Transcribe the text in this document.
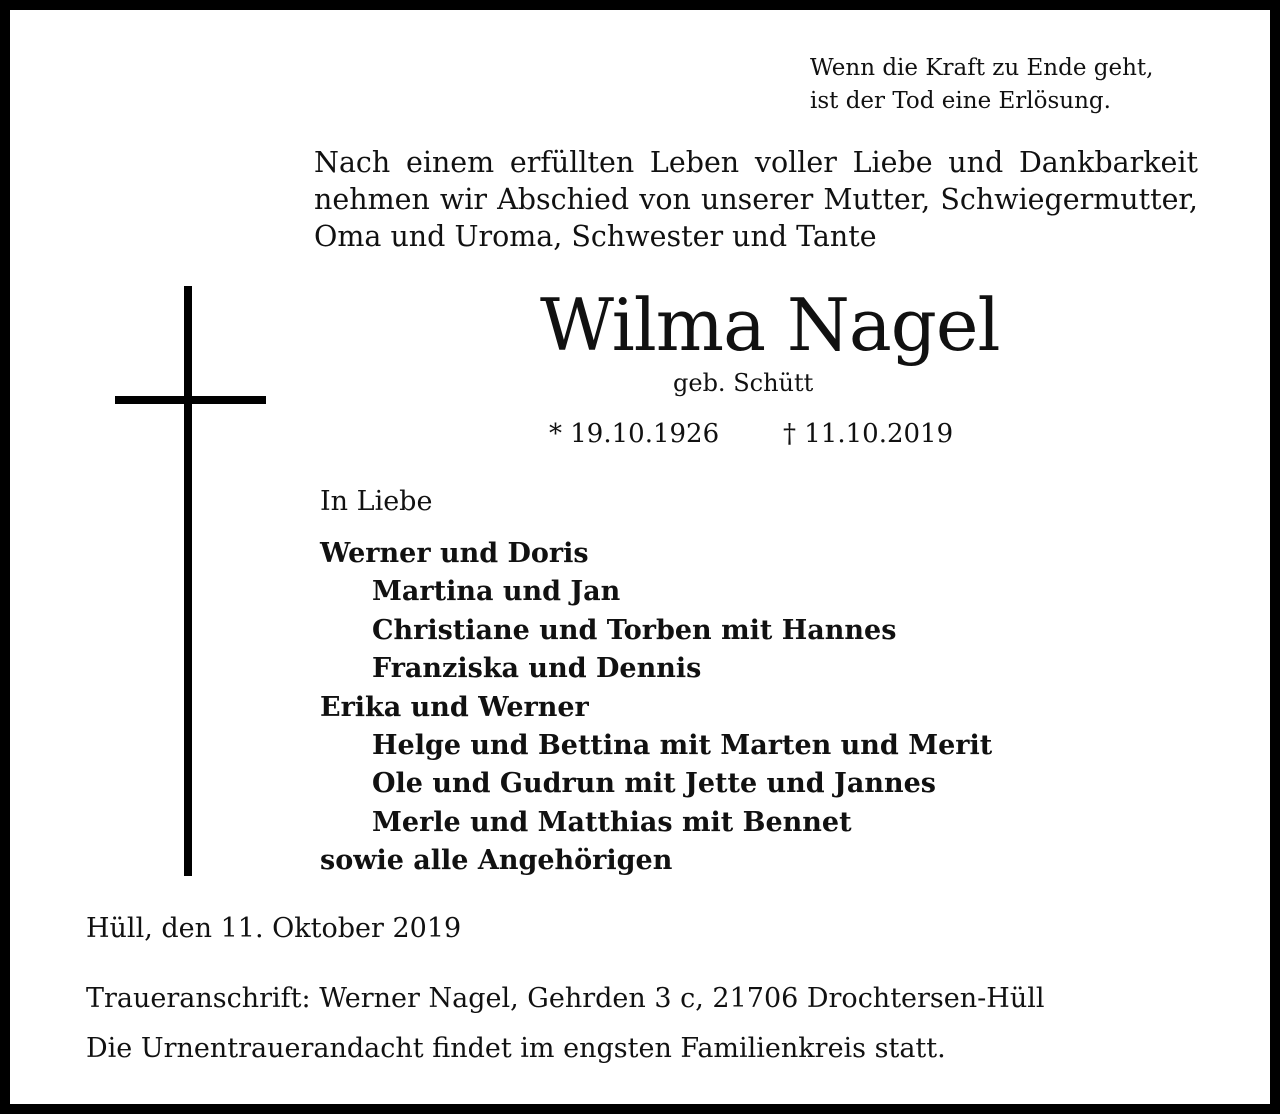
Wenn die Kraft zu Ende geht,
ist der Tod eine Erlösung.
Nach einem erfüllten Leben voller Liebe und Dankbarkeit
nehmen wir Abschied von unserer Mutter, Schwiegermutter,
Oma und Uroma, Schwester und Tante
Wilma Nagel
geb. Schütt
* 19.10.1926 † 11.10.2019
In Liebe
Werner und Doris
Martina und Jan
Christiane und Torben mit Hannes
Franziska und Dennis
Erika und Werner
Helge und Bettina mit Marten und Merit
Ole und Gudrun mit Jette und Jannes
Merle und Matthias mit Bennet
sowie alle Angehörigen
Hüll, den 11. Oktober 2019
Traueranschrift: Werner Nagel, Gehrden 3 c, 21706 Drochtersen-Hüll
Die Urnentrauerandacht findet im engsten Familienkreis statt.
